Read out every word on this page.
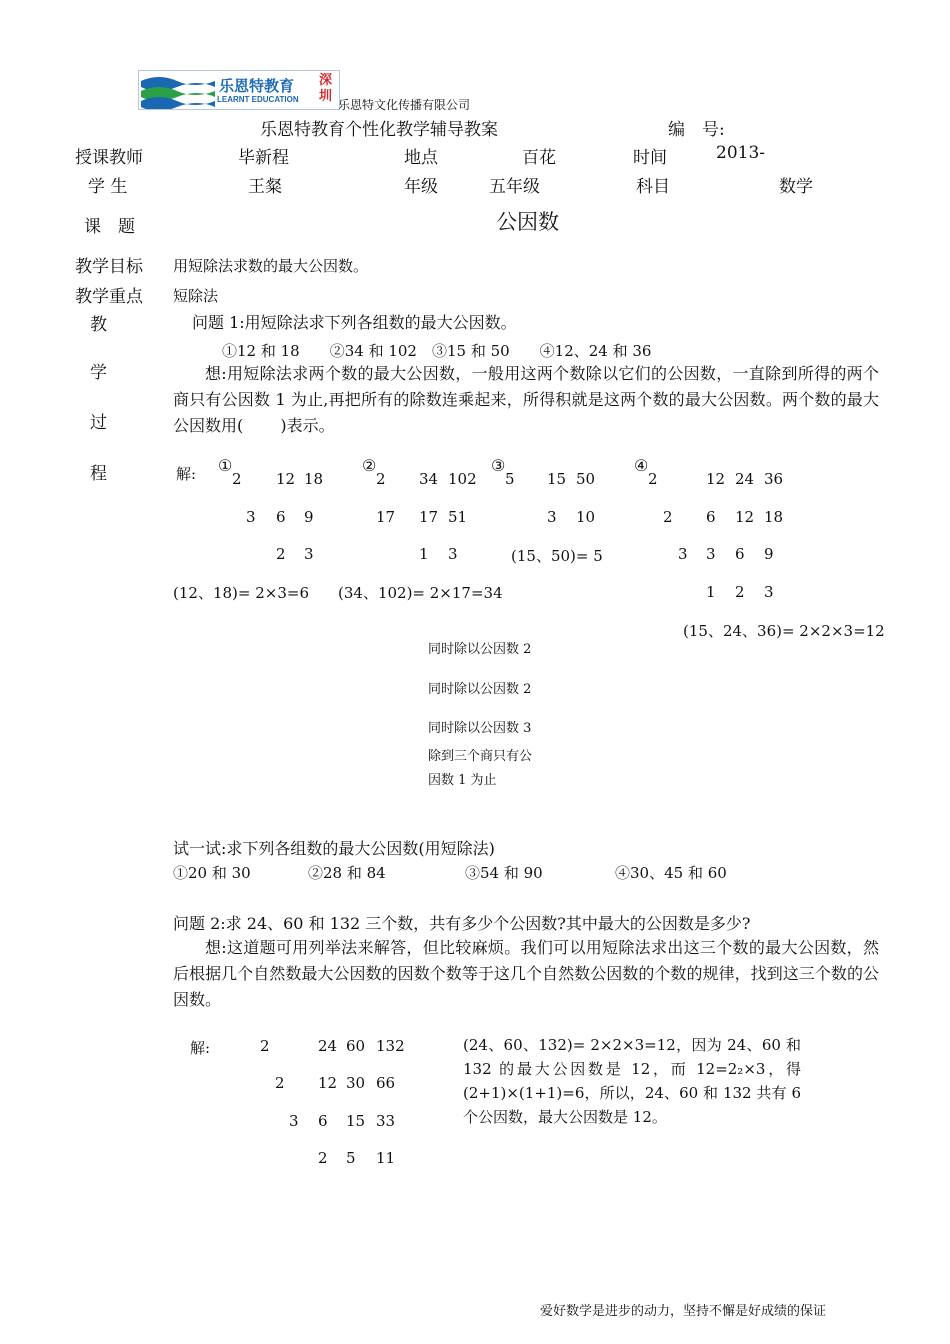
乐恩特教育
LEARNT EDUCATION
深圳
乐恩特文化传播有限公司
乐恩特教育个性化教学辅导教案	编　号:
授课教师	毕新程	地点	百花	时间	2013-
学 生	王粲	年级	五年级	科目	数学
课　题	公因数
教学目标 用短除法求数的最大公因数。
教学重点 短除法
教
学
过
程
问题 1:用短除法求下列各组数的最大公因数。
①12 和 18　　②34 和 102　③15 和 50　　④12、24 和 36
想:用短除法求两个数的最大公因数，一般用这两个数除以它们的公因数，一直除到所得的两个商只有公因数 1 为止,再把所有的除数连乘起来，所得积就是这两个数的最大公因数。两个数的最大公因数用(　　 )表示。
解: ①
2 12 18
3 6 9
2 3
②
2 34 102
17 17 51
1 3
③
5 15 50
3 10
(15、50)= 5
④
2	12 24 36
2 6 12 18
3 3 6 9
1 2 3
(12、18)= 2×3=6 (34、102)= 2×17=34
(15、24、36)= 2×2×3=12
同时除以公因数 2
同时除以公因数 2
同时除以公因数 3
除到三个商只有公
因数 1 为止
试一试:求下列各组数的最大公因数(用短除法)
①20 和 30	②28 和 84	③54 和 90	④30、45 和 60
问题 2:求 24、60 和 132 三个数，共有多少个公因数?其中最大的公因数是多少?
想:这道题可用列举法来解答，但比较麻烦。我们可以用短除法求出这三个数的最大公因数，然后根据几个自然数最大公因数的因数个数等于这几个自然数公因数的个数的规律，找到这三个数的公因数。
解:	2	24 60 132
2 12 30 66
3 6 15 33
2 5 11
(24、60、132)= 2×2×3=12，因为 24、60 和 132 的最大公因数是 12，而 12=2₂×3，得(2+1)×(1+1)=6，所以，24、60 和 132 共有 6 个公因数，最大公因数是 12。
爱好数学是进步的动力，坚持不懈是好成绩的保证
